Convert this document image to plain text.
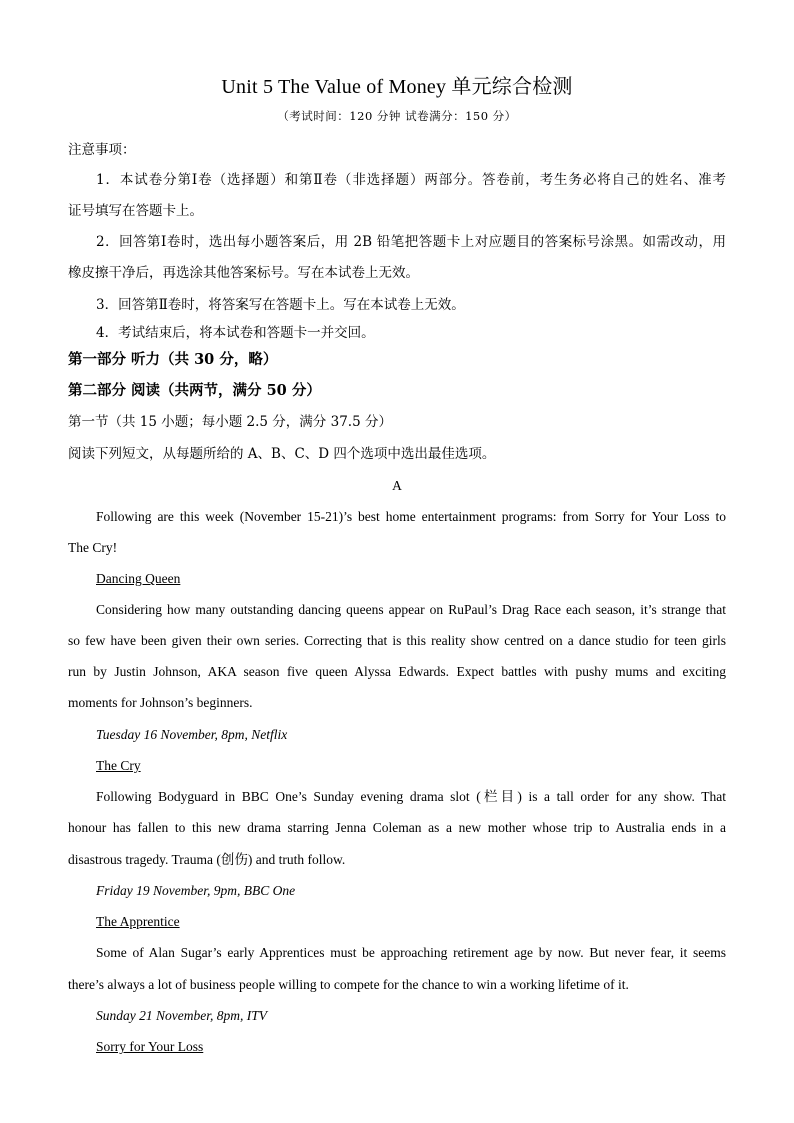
Unit 5 The Value of Money 单元综合检测
（考试时间：120 分钟 试卷满分：150 分）
注意事项：
1．本试卷分第Ⅰ卷（选择题）和第Ⅱ卷（非选择题）两部分。答卷前，考生务必将自己的姓名、准考
证号填写在答题卡上。
2．回答第Ⅰ卷时，选出每小题答案后，用 2B 铅笔把答题卡上对应题目的答案标号涂黑。如需改动，用
橡皮擦干净后，再选涂其他答案标号。写在本试卷上无效。
3．回答第Ⅱ卷时，将答案写在答题卡上。写在本试卷上无效。
4．考试结束后，将本试卷和答题卡一并交回。
第一部分 听力（共 30 分，略）
第二部分 阅读（共两节，满分 50 分）
第一节（共 15 小题；每小题 2.5 分，满分 37.5 分）
阅读下列短文，从每题所给的 A、B、C、D 四个选项中选出最佳选项。
A
Following are this week (November 15-21)’s best home entertainment programs: from Sorry for Your Loss to
The Cry!
Dancing Queen
Considering how many outstanding dancing queens appear on RuPaul’s Drag Race each season, it’s strange that
so few have been given their own series. Correcting that is this reality show centred on a dance studio for teen girls
run by Justin Johnson, AKA season five queen Alyssa Edwards. Expect battles with pushy mums and exciting
moments for Johnson’s beginners.
Tuesday 16 November, 8pm, Netflix
The Cry
Following Bodyguard in BBC One’s Sunday evening drama slot (栏目) is a tall order for any show. That
honour has fallen to this new drama starring Jenna Coleman as a new mother whose trip to Australia ends in a
disastrous tragedy. Trauma (创伤) and truth follow.
Friday 19 November, 9pm, BBC One
The Apprentice
Some of Alan Sugar’s early Apprentices must be approaching retirement age by now. But never fear, it seems
there’s always a lot of business people willing to compete for the chance to win a working lifetime of it.
Sunday 21 November, 8pm, ITV
Sorry for Your Loss
